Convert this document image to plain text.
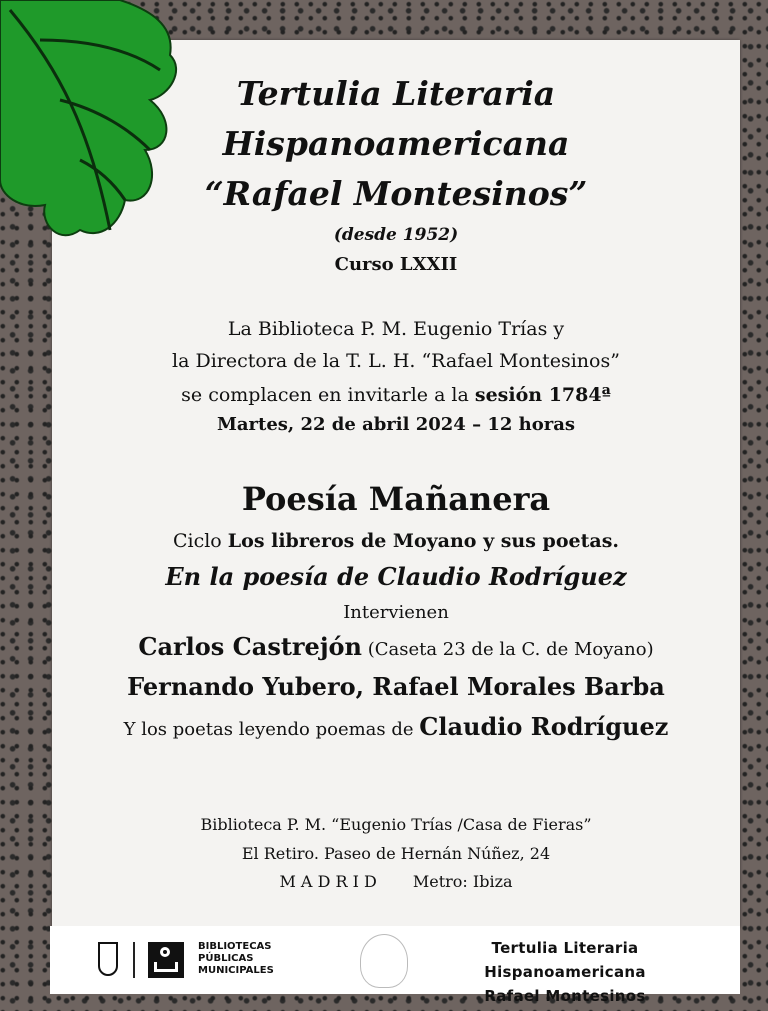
Tertulia Literaria
Hispanoamericana
“Rafael Montesinos”
(desde 1952)
Curso LXXII
La Biblioteca P. M. Eugenio Trías y
la Directora de la T. L. H. “Rafael Montesinos”
se complacen en invitarle a la sesión 1784ª
Martes, 22 de abril 2024 – 12 horas
Poesía Mañanera
Ciclo Los libreros de Moyano y sus poetas.
En la poesía de Claudio Rodríguez
Intervienen
Carlos Castrejón (Caseta 23 de la C. de Moyano)
Fernando Yubero, Rafael Morales Barba
Y los poetas leyendo poemas de Claudio Rodríguez
Biblioteca P. M. “Eugenio Trías /Casa de Fieras”
El Retiro. Paseo de Hernán Núñez, 24
M A D R I D Metro: Ibiza
BIBLIOTECAS
PÚBLICAS
MUNICIPALES
Tertulia Literaria Hispanoamericana
Rafael Montesinos
